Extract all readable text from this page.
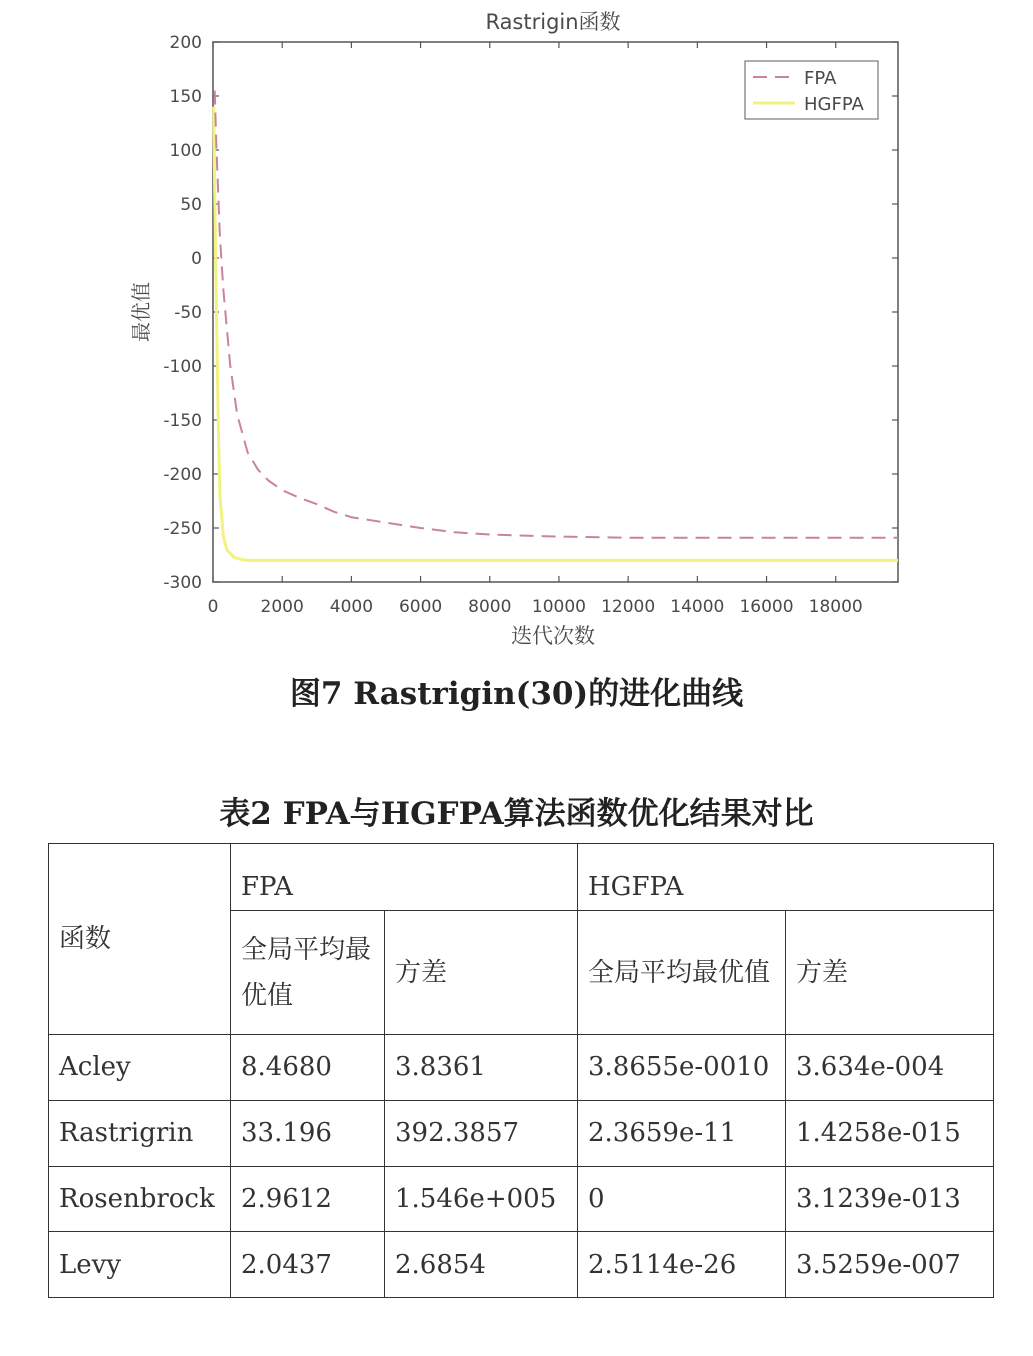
Rastrigin函数
200
150
100
50
0
-50
-100
-150
-200
-250
-300
0 2000 4000 6000 8000 10000 12000 14000 16000 18000
最优值
迭代次数
FPA
HGFPA
图7 Rastrigin(30)的进化曲线
表2 FPA与HGFPA算法函数优化结果对比
函数	FPA		HGFPA	
	全局平均最优值	方差	全局平均最优值	方差
Acley	8.4680	3.8361	3.8655e-0010	3.634e-004
Rastrigrin	33.196	392.3857	2.3659e-11	1.4258e-015
Rosenbrock	2.9612	1.546e+005	0	3.1239e-013
Levy	2.0437	2.6854	2.5114e-26	3.5259e-007
